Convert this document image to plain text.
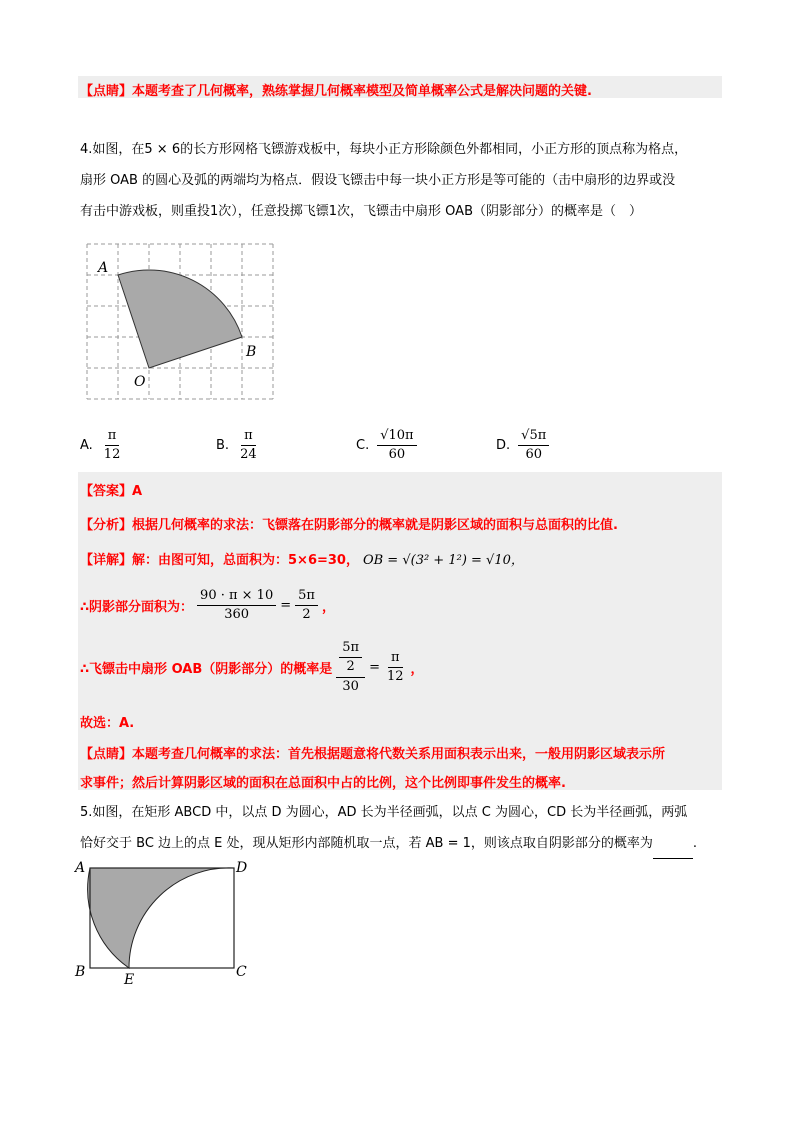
【点睛】本题考查了几何概率，熟练掌握几何概率模型及简单概率公式是解决问题的关键.
4.如图，在5 × 6的长方形网格飞镖游戏板中，每块小正方形除颜色外都相同，小正方形的顶点称为格点，
扇形 OAB 的圆心及弧的两端均为格点．假设飞镖击中每一块小正方形是等可能的（击中扇形的边界或没
有击中游戏板，则重投1次），任意投掷飞镖1次，飞镖击中扇形 OAB（阴影部分）的概率是（　）
A
B
O
A. $\frac{\pi}{12}$	B. $\frac{\pi}{24}$	C. $\frac{√10\pi}{60}$	D. $\frac{√5\pi}{60}$
【答案】A
【分析】根据几何概率的求法：飞镖落在阴影部分的概率就是阴影区域的面积与总面积的比值.
【详解】解：由图可知，总面积为：5×6=30， OB = √(3² + 1²) = √10，
∴阴影部分面积为： $\frac{90 \cdot \pi \times 10}{360} = \frac{5\pi}{2}$ ，
∴飞镖击中扇形 OAB（阴影部分）的概率是 $\frac{\frac{5\pi}{2}}{30} = \frac{\pi}{12}$ ，
故选：A.
【点睛】本题考查几何概率的求法：首先根据题意将代数关系用面积表示出来，一般用阴影区域表示所
求事件；然后计算阴影区域的面积在总面积中占的比例，这个比例即事件发生的概率.
5.如图，在矩形 ABCD 中，以点 D 为圆心，AD 长为半径画弧，以点 C 为圆心，CD 长为半径画弧，两弧
恰好交于 BC 边上的点 E 处，现从矩形内部随机取一点，若 AB = 1，则该点取自阴影部分的概率为	.
A	D
B	C
E
